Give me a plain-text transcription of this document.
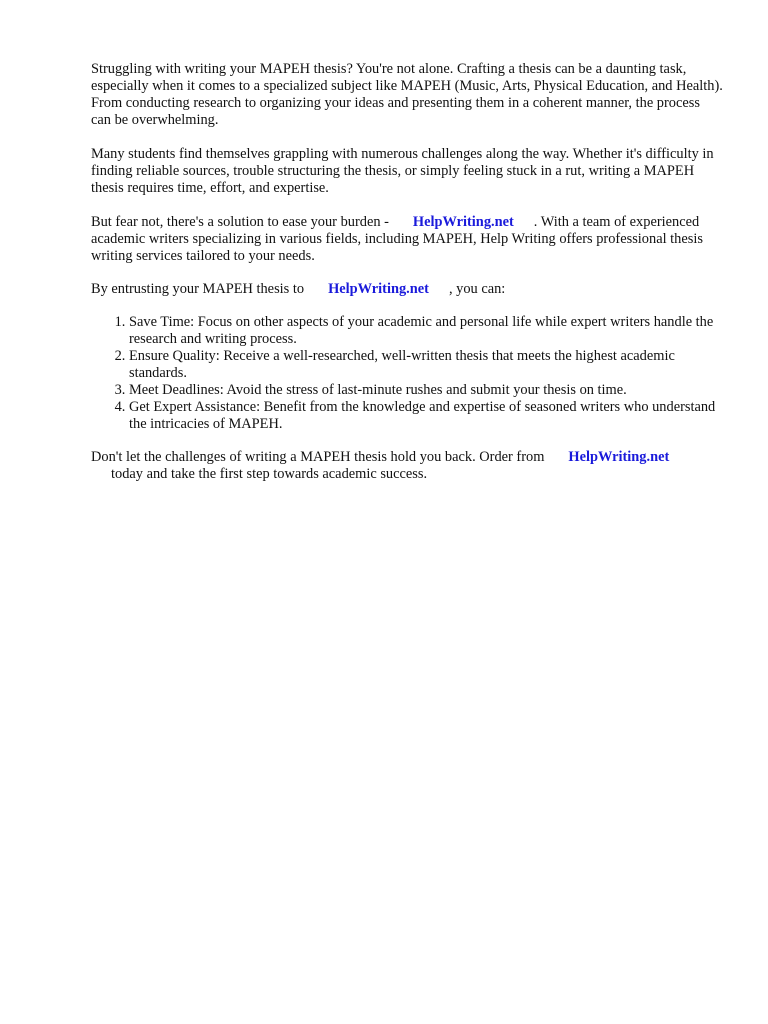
Struggling with writing your MAPEH thesis? You're not alone. Crafting a thesis can be a daunting task, especially when it comes to a specialized subject like MAPEH (Music, Arts, Physical Education, and Health). From conducting research to organizing your ideas and presenting them in a coherent manner, the process can be overwhelming.

Many students find themselves grappling with numerous challenges along the way. Whether it's difficulty in finding reliable sources, trouble structuring the thesis, or simply feeling stuck in a rut, writing a MAPEH thesis requires time, effort, and expertise.

But fear not, there's a solution to ease your burden - HelpWriting.net . With a team of experienced academic writers specializing in various fields, including MAPEH, Help Writing offers professional thesis writing services tailored to your needs.

By entrusting your MAPEH thesis to HelpWriting.net , you can:

1. Save Time: Focus on other aspects of your academic and personal life while expert writers handle the research and writing process.
2. Ensure Quality: Receive a well-researched, well-written thesis that meets the highest academic standards.
3. Meet Deadlines: Avoid the stress of last-minute rushes and submit your thesis on time.
4. Get Expert Assistance: Benefit from the knowledge and expertise of seasoned writers who understand the intricacies of MAPEH.

Don't let the challenges of writing a MAPEH thesis hold you back. Order from HelpWriting.net
today and take the first step towards academic success.
